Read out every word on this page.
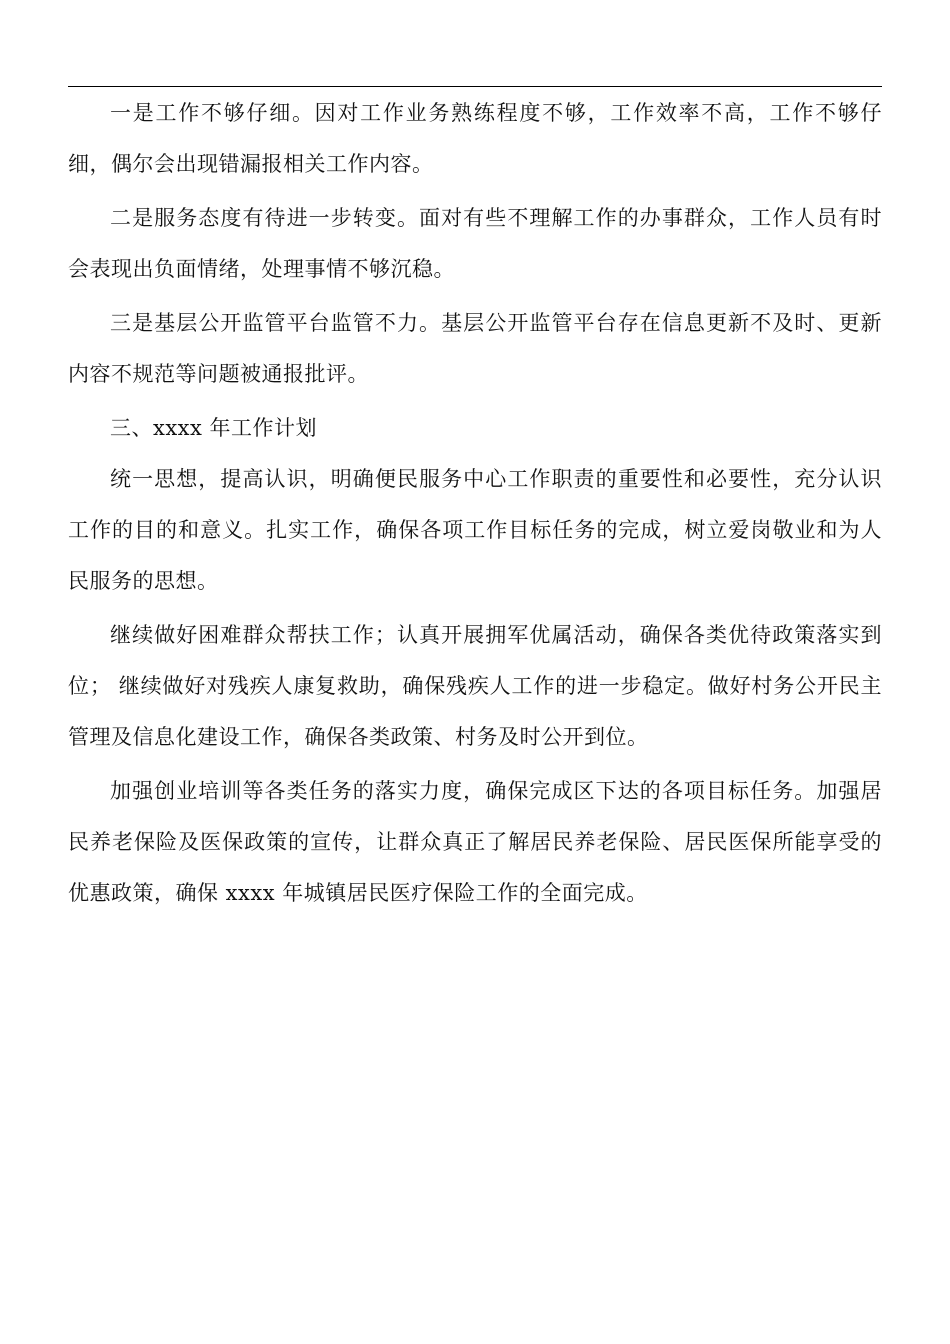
一是工作不够仔细。因对工作业务熟练程度不够，工作效率不高，工作不够仔细，偶尔会出现错漏报相关工作内容。

二是服务态度有待进一步转变。面对有些不理解工作的办事群众，工作人员有时会表现出负面情绪，处理事情不够沉稳。

三是基层公开监管平台监管不力。基层公开监管平台存在信息更新不及时、更新内容不规范等问题被通报批评。

三、xxxx 年工作计划

统一思想，提高认识，明确便民服务中心工作职责的重要性和必要性，充分认识工作的目的和意义。扎实工作，确保各项工作目标任务的完成，树立爱岗敬业和为人民服务的思想。

继续做好困难群众帮扶工作；认真开展拥军优属活动，确保各类优待政策落实到位； 继续做好对残疾人康复救助，确保残疾人工作的进一步稳定。做好村务公开民主管理及信息化建设工作，确保各类政策、村务及时公开到位。

加强创业培训等各类任务的落实力度，确保完成区下达的各项目标任务。加强居民养老保险及医保政策的宣传，让群众真正了解居民养老保险、居民医保所能享受的优惠政策，确保 xxxx 年城镇居民医疗保险工作的全面完成。
